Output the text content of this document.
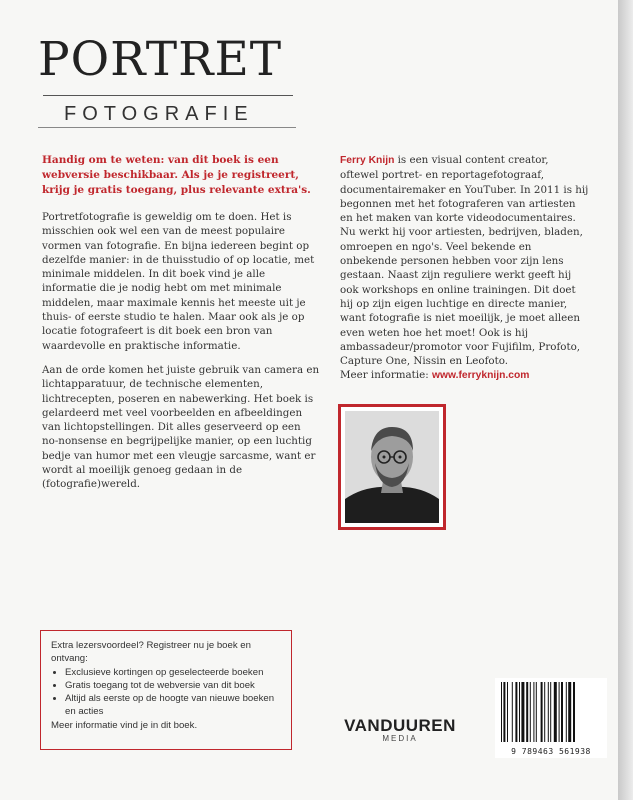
PORTRET
FOTOGRAFIE
Handig om te weten: van dit boek is een webversie beschikbaar. Als je je registreert, krijg je gratis toegang, plus relevante extra's.

Portretfotografie is geweldig om te doen. Het is misschien ook wel een van de meest populaire vormen van fotografie. En bijna iedereen begint op dezelfde manier: in de thuisstudio of op locatie, met minimale middelen. In dit boek vind je alle informatie die je nodig hebt om met minimale middelen, maar maximale kennis het meeste uit je thuis- of eerste studio te halen. Maar ook als je op locatie fotografeert is dit boek een bron van waardevolle en praktische informatie.

Aan de orde komen het juiste gebruik van camera en lichtapparatuur, de technische elementen, lichtrecepten, poseren en nabewerking. Het boek is gelardeerd met veel voorbeelden en afbeeldingen van lichtopstellingen. Dit alles geserveerd op een no-nonsense en begrijpelijke manier, op een luchtig bedje van humor met een vleugje sarcasme, want er wordt al moeilijk genoeg gedaan in de (fotografie)wereld.

Ferry Knijn is een visual content creator, oftewel portret- en reportagefotograaf, documentairemaker en YouTuber. In 2011 is hij begonnen met het fotograferen van artiesten en het maken van korte videodocumentaires. Nu werkt hij voor artiesten, bedrijven, bladen, omroepen en ngo's. Veel bekende en onbekende personen hebben voor zijn lens gestaan. Naast zijn reguliere werkt geeft hij ook workshops en online trainingen. Dit doet hij op zijn eigen luchtige en directe manier, want fotografie is niet moeilijk, je moet alleen even weten hoe het moet! Ook is hij ambassadeur/promotor voor Fujifilm, Profoto, Capture One, Nissin en Leofoto.
Meer informatie: www.ferryknijn.com

Extra lezersvoordeel? Registreer nu je boek en ontvang:
• Exclusieve kortingen op geselecteerde boeken
• Gratis toegang tot de webversie van dit boek
• Altijd als eerste op de hoogte van nieuwe boeken en acties
Meer informatie vind je in dit boek.	VANDUUREN
MEDIA
9 789463 561938
